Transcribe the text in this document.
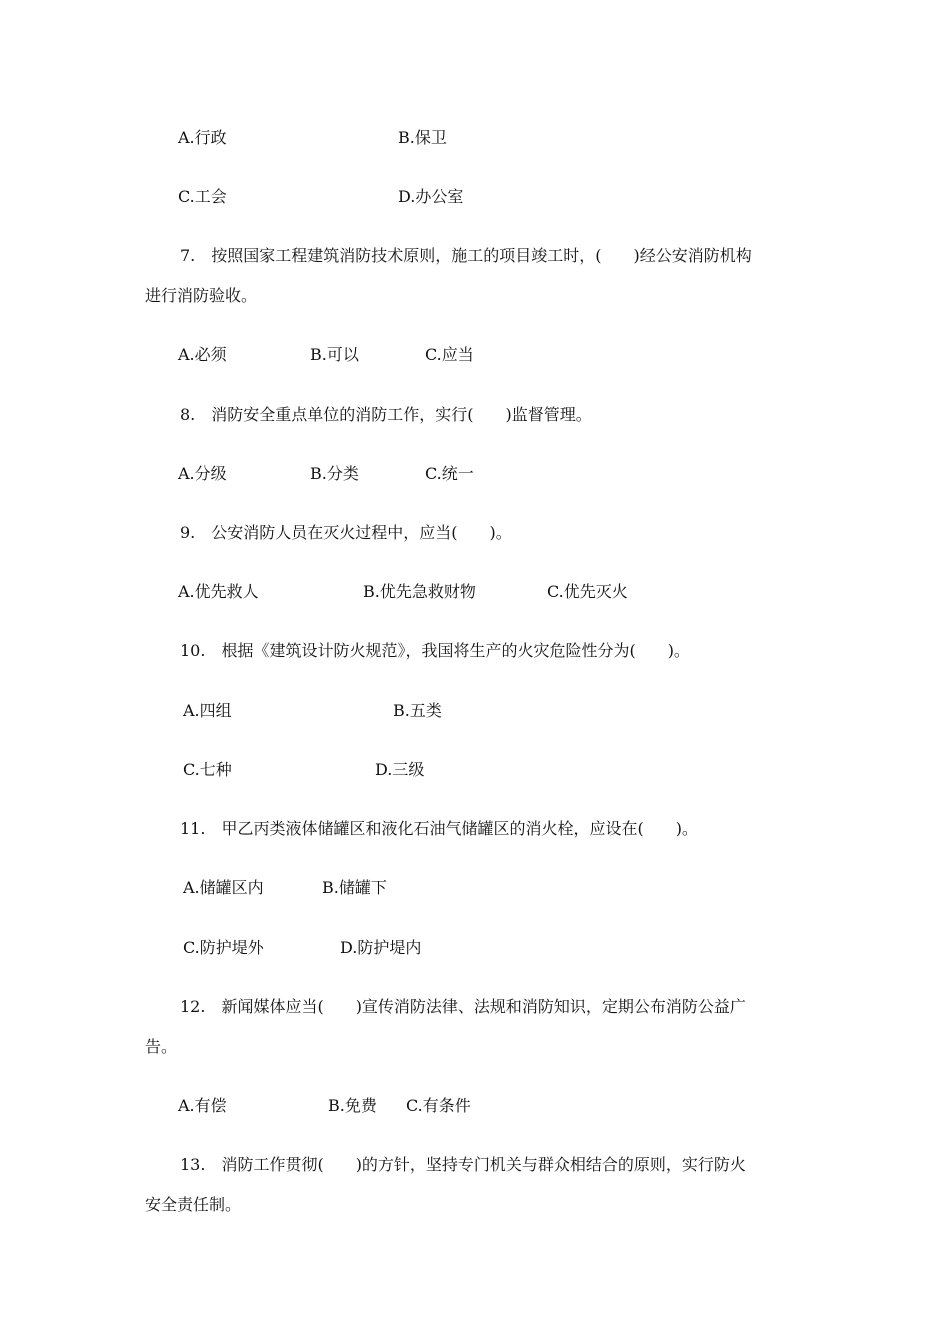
A.行政	B.保卫
C.工会	D.办公室
7.　按照国家工程建筑消防技术原则，施工的项目竣工时，(　　)经公安消防机构
进行消防验收。
A.必须	B.可以	C.应当
8.　消防安全重点单位的消防工作，实行(　　)监督管理。
A.分级	B.分类	C.统一
9.　公安消防人员在灭火过程中，应当(　　)。
A.优先救人	B.优先急救财物	C.优先灭火
10.　根据《建筑设计防火规范》，我国将生产的火灾危险性分为(　　)。
A.四组	B.五类
C.七种	D.三级
11.　甲乙丙类液体储罐区和液化石油气储罐区的消火栓，应设在(　　)。
A.储罐区内	B.储罐下
C.防护堤外	D.防护堤内
12.　新闻媒体应当(　　)宣传消防法律、法规和消防知识，定期公布消防公益广
告。
A.有偿	B.免费 C.有条件
13.　消防工作贯彻(　　)的方针，坚持专门机关与群众相结合的原则，实行防火
安全责任制。
